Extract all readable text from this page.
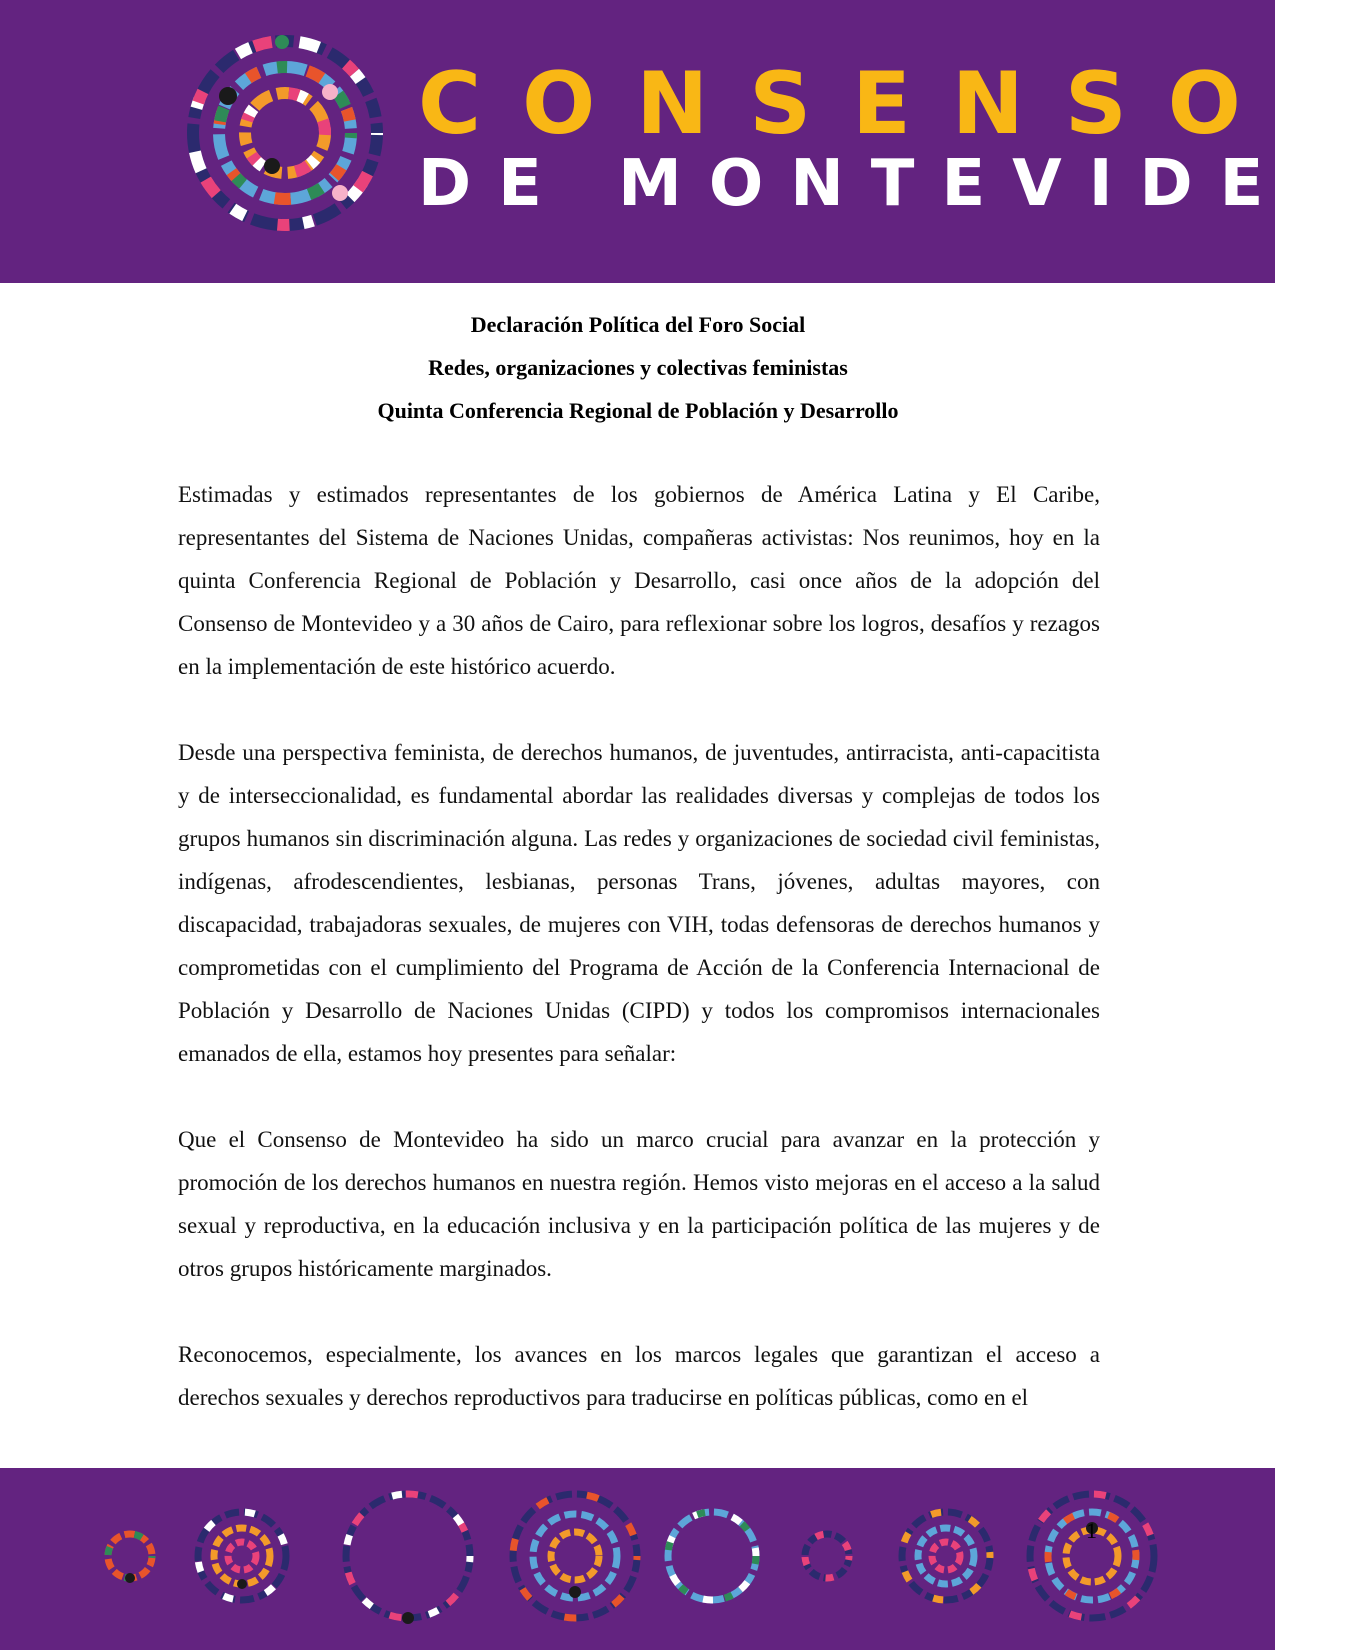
CONSENSO
DE MONTEVIDEO
Declaración Política del Foro Social
Redes, organizaciones y colectivas feministas
Quinta Conferencia Regional de Población y Desarrollo

Estimadas y estimados representantes de los gobiernos de América Latina y El Caribe, representantes del Sistema de Naciones Unidas, compañeras activistas: Nos reunimos, hoy en la quinta Conferencia Regional de Población y Desarrollo, casi once años de la adopción del Consenso de Montevideo y a 30 años de Cairo, para reflexionar sobre los logros, desafíos y rezagos en la implementación de este histórico acuerdo.

Desde una perspectiva feminista, de derechos humanos, de juventudes, antirracista, anti-capacitista y de interseccionalidad, es fundamental abordar las realidades diversas y complejas de todos los grupos humanos sin discriminación alguna. Las redes y organizaciones de sociedad civil feministas, indígenas, afrodescendientes, lesbianas, personas Trans, jóvenes, adultas mayores, con discapacidad, trabajadoras sexuales, de mujeres con VIH, todas defensoras de derechos humanos y comprometidas con el cumplimiento del Programa de Acción de la Conferencia Internacional de Población y Desarrollo de Naciones Unidas (CIPD) y todos los compromisos internacionales emanados de ella, estamos hoy presentes para señalar:

Que el Consenso de Montevideo ha sido un marco crucial para avanzar en la protección y promoción de los derechos humanos en nuestra región. Hemos visto mejoras en el acceso a la salud sexual y reproductiva, en la educación inclusiva y en la participación política de las mujeres y de otros grupos históricamente marginados.

Reconocemos, especialmente, los avances en los marcos legales que garantizan el acceso a derechos sexuales y derechos reproductivos para traducirse en políticas públicas, como en el

1
